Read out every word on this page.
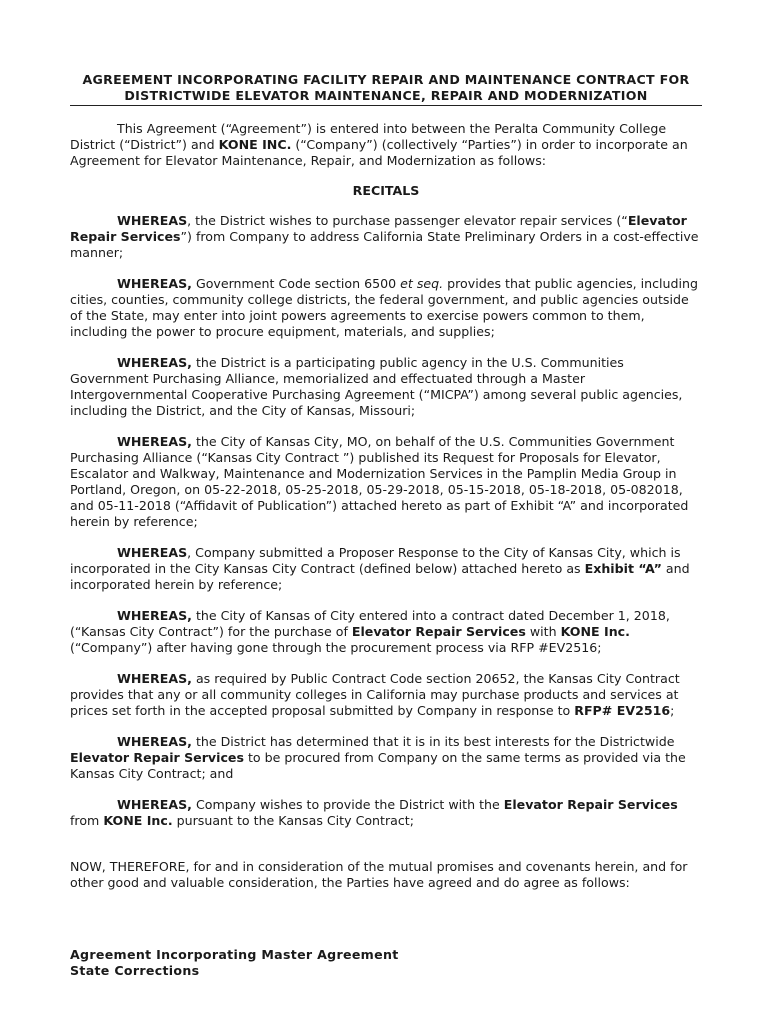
AGREEMENT INCORPORATING FACILITY REPAIR AND MAINTENANCE CONTRACT FOR
DISTRICTWIDE ELEVATOR MAINTENANCE, REPAIR AND MODERNIZATION

This Agreement (“Agreement”) is entered into between the Peralta Community College District (“District”) and KONE INC. (“Company”) (collectively “Parties”) in order to incorporate an Agreement for Elevator Maintenance, Repair, and Modernization as follows:

RECITALS

WHEREAS, the District wishes to purchase passenger elevator repair services (“Elevator Repair Services”) from Company to address California State Preliminary Orders in a cost-effective manner;

WHEREAS, Government Code section 6500 et seq. provides that public agencies, including cities, counties, community college districts, the federal government, and public agencies outside of the State, may enter into joint powers agreements to exercise powers common to them, including the power to procure equipment, materials, and supplies;

WHEREAS, the District is a participating public agency in the U.S. Communities Government Purchasing Alliance, memorialized and effectuated through a Master Intergovernmental Cooperative Purchasing Agreement (“MICPA”) among several public agencies, including the District, and the City of Kansas, Missouri;

WHEREAS, the City of Kansas City, MO, on behalf of the U.S. Communities Government Purchasing Alliance (“Kansas City Contract ”) published its Request for Proposals for Elevator, Escalator and Walkway, Maintenance and Modernization Services in the Pamplin Media Group in Portland, Oregon, on 05-22-2018, 05-25-2018, 05-29-2018, 05-15-2018, 05-18-2018, 05-082018, and 05-11-2018 (“Affidavit of Publication”) attached hereto as part of Exhibit “A” and incorporated herein by reference;

WHEREAS, Company submitted a Proposer Response to the City of Kansas City, which is incorporated in the City Kansas City Contract (defined below) attached hereto as Exhibit “A” and incorporated herein by reference;

WHEREAS, the City of Kansas of City entered into a contract dated December 1, 2018, (“Kansas City Contract”) for the purchase of Elevator Repair Services with KONE Inc. (“Company”) after having gone through the procurement process via RFP #EV2516;

WHEREAS, as required by Public Contract Code section 20652, the Kansas City Contract provides that any or all community colleges in California may purchase products and services at prices set forth in the accepted proposal submitted by Company in response to RFP# EV2516;

WHEREAS, the District has determined that it is in its best interests for the Districtwide Elevator Repair Services to be procured from Company on the same terms as provided via the Kansas City Contract; and

WHEREAS, Company wishes to provide the District with the Elevator Repair Services from KONE Inc. pursuant to the Kansas City Contract;

NOW, THEREFORE, for and in consideration of the mutual promises and covenants herein, and for other good and valuable consideration, the Parties have agreed and do agree as follows:

Agreement Incorporating Master Agreement
State Corrections
